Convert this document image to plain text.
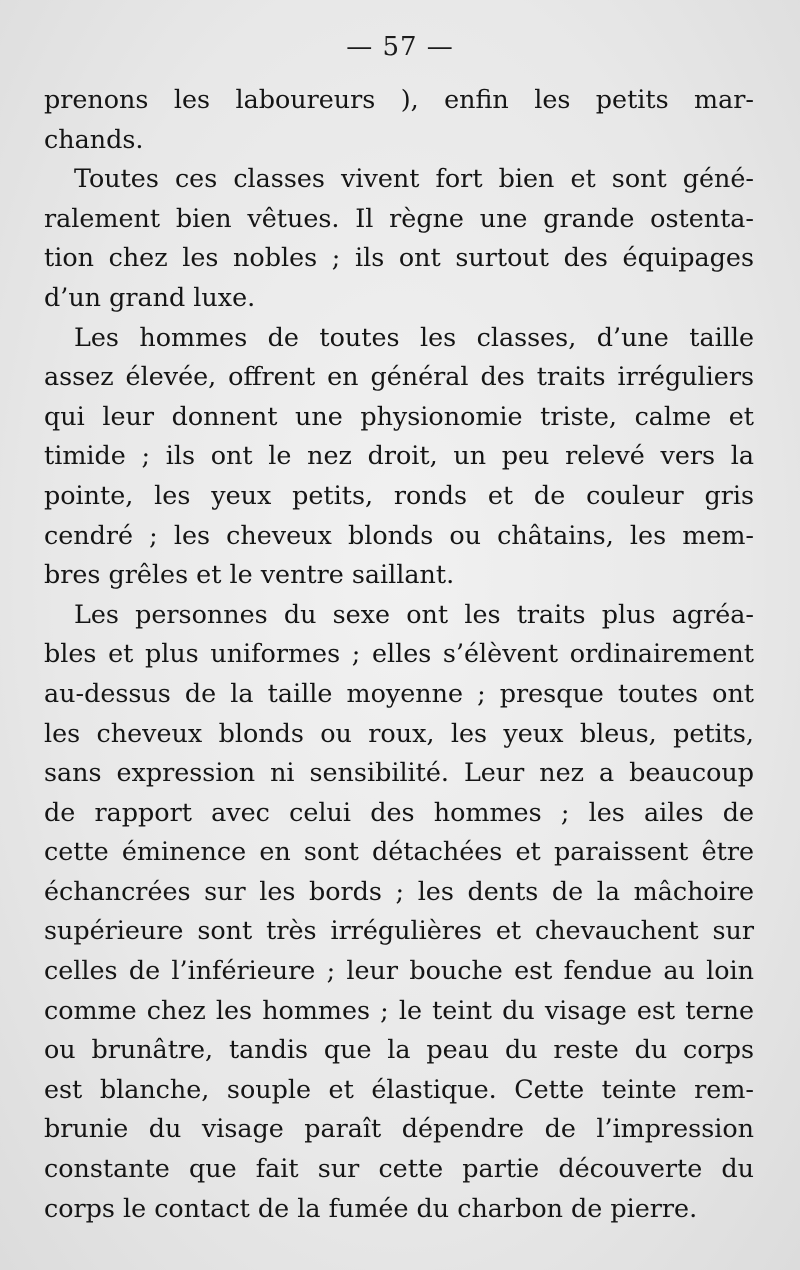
— 57 —
prenons les laboureurs ), enfin les petits mar-
chands.
Toutes ces classes vivent fort bien et sont géné-
ralement bien vêtues. Il règne une grande ostenta-
tion chez les nobles ; ils ont surtout des équipages
d’un grand luxe.
Les hommes de toutes les classes, d’une taille
assez élevée, offrent en général des traits irréguliers
qui leur donnent une physionomie triste, calme et
timide ; ils ont le nez droit, un peu relevé vers la
pointe, les yeux petits, ronds et de couleur gris
cendré ; les cheveux blonds ou châtains, les mem-
bres grêles et le ventre saillant.
Les personnes du sexe ont les traits plus agréa-
bles et plus uniformes ; elles s’élèvent ordinairement
au-dessus de la taille moyenne ; presque toutes ont
les cheveux blonds ou roux, les yeux bleus, petits,
sans expression ni sensibilité. Leur nez a beaucoup
de rapport avec celui des hommes ; les ailes de
cette éminence en sont détachées et paraissent être
échancrées sur les bords ; les dents de la mâchoire
supérieure sont très irrégulières et chevauchent sur
celles de l’inférieure ; leur bouche est fendue au loin
comme chez les hommes ; le teint du visage est terne
ou brunâtre, tandis que la peau du reste du corps
est blanche, souple et élastique. Cette teinte rem-
brunie du visage paraît dépendre de l’impression
constante que fait sur cette partie découverte du
corps le contact de la fumée du charbon de pierre.
